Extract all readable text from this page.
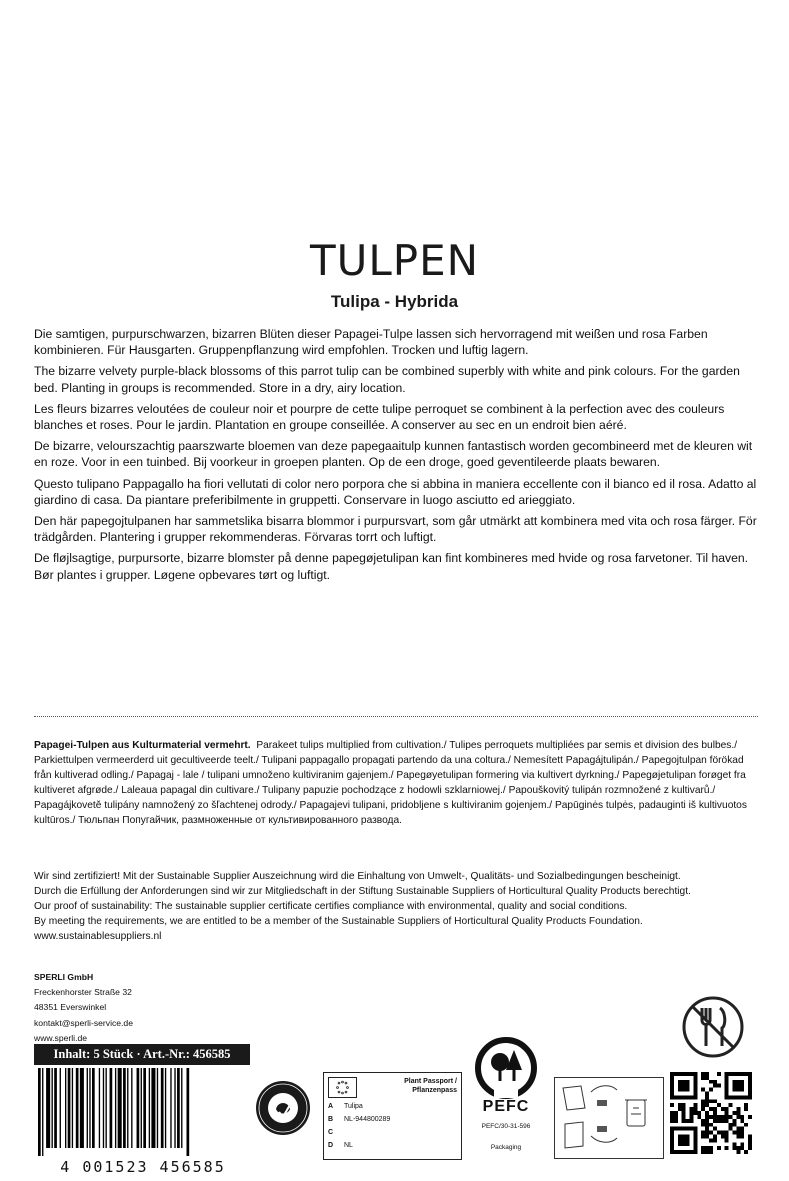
TULPEN
Tulipa - Hybrida

Die samtigen, purpurschwarzen, bizarren Blüten dieser Papagei-Tulpe lassen sich hervorragend mit weißen und rosa Farben kombinieren. Für Hausgarten. Gruppenpflanzung wird empfohlen. Trocken und luftig lagern.

The bizarre velvety purple-black blossoms of this parrot tulip can be combined superbly with white and pink colours. For the garden bed. Planting in groups is recommended. Store in a dry, airy location.

Les fleurs bizarres veloutées de couleur noir et pourpre de cette tulipe perroquet se combinent à la perfection avec des couleurs blanches et roses. Pour le jardin. Plantation en groupe conseillée. A conserver au sec en un endroit bien aéré.

De bizarre, velourszachtig paarszwarte bloemen van deze papegaaitulp kunnen fantastisch worden gecombineerd met de kleuren wit en roze. Voor in een tuinbed. Bij voorkeur in groepen planten. Op de een droge, goed geventileerde plaats bewaren.

Questo tulipano Pappagallo ha fiori vellutati di color nero porpora che si abbina in maniera eccellente con il bianco ed il rosa. Adatto al giardino di casa. Da piantare preferibilmente in gruppetti. Conservare in luogo asciutto ed arieggiato.

Den här papegojtulpanen har sammetslika bisarra blommor i purpursvart, som går utmärkt att kombinera med vita och rosa färger. För trädgården. Plantering i grupper rekommenderas. Förvaras torrt och luftigt.

De fløjlsagtige, purpursorte, bizarre blomster på denne papegøjetulipan kan fint kombineres med hvide og rosa farvetoner. Til haven. Bør plantes i grupper. Løgene opbevares tørt og luftigt.

Papagei-Tulpen aus Kulturmaterial vermehrt. Parakeet tulips multiplied from cultivation./ Tulipes perroquets multipliées par semis et division des bulbes./ Parkiettulpen vermeerderd uit gecultiveerde teelt./ Tulipani pappagallo propagati partendo da una coltura./ Nemesített Papagájtulipán./ Papegojtulpan förökad från kultiverad odling./ Papagaj - lale / tulipani umnoženo kultiviranim gajenjem./ Papegøyetulipan formering via kultivert dyrkning./ Papegøjetulipan forøget fra kultiveret afgrøde./ Laleaua papagal din cultivare./ Tulipany papuzie pochodzące z hodowli szklarniowej./ Papouškovitý tulipán rozmnožené z kultivarů./ Papagájkovetě tulipány namnožený zo šľachtenej odrody./ Papagajevi tulipani, pridobljene s kultiviranim gojenjem./ Papūginės tulpės, padauginti iš kultivuotos kultūros./ Тюльпан Попугайчик, размноженные от культивированного развода.
Wir sind zertifiziert! Mit der Sustainable Supplier Auszeichnung wird die Einhaltung von Umwelt-, Qualitäts- und Sozialbedingungen bescheinigt.
Durch die Erfüllung der Anforderungen sind wir zur Mitgliedschaft in der Stiftung Sustainable Suppliers of Horticultural Quality Products berechtigt.
Our proof of sustainability: The sustainable supplier certificate certifies compliance with environmental, quality and social conditions.
By meeting the requirements, we are entitled to be a member of the Sustainable Suppliers of Horticultural Quality Products Foundation.
www.sustainablesuppliers.nl
SPERLI GmbH
Freckenhorster Straße 32
48351 Everswinkel
kontakt@sperli-service.de
www.sperli.de
Inhalt: 5 Stück · Art.-Nr.: 456585
4 001523 456585
Plant Passport /
Pflanzenpass
A Tulipa
B NL-944800289
C
D NL
PEFC
PEFC/30-31-596
Packaging
